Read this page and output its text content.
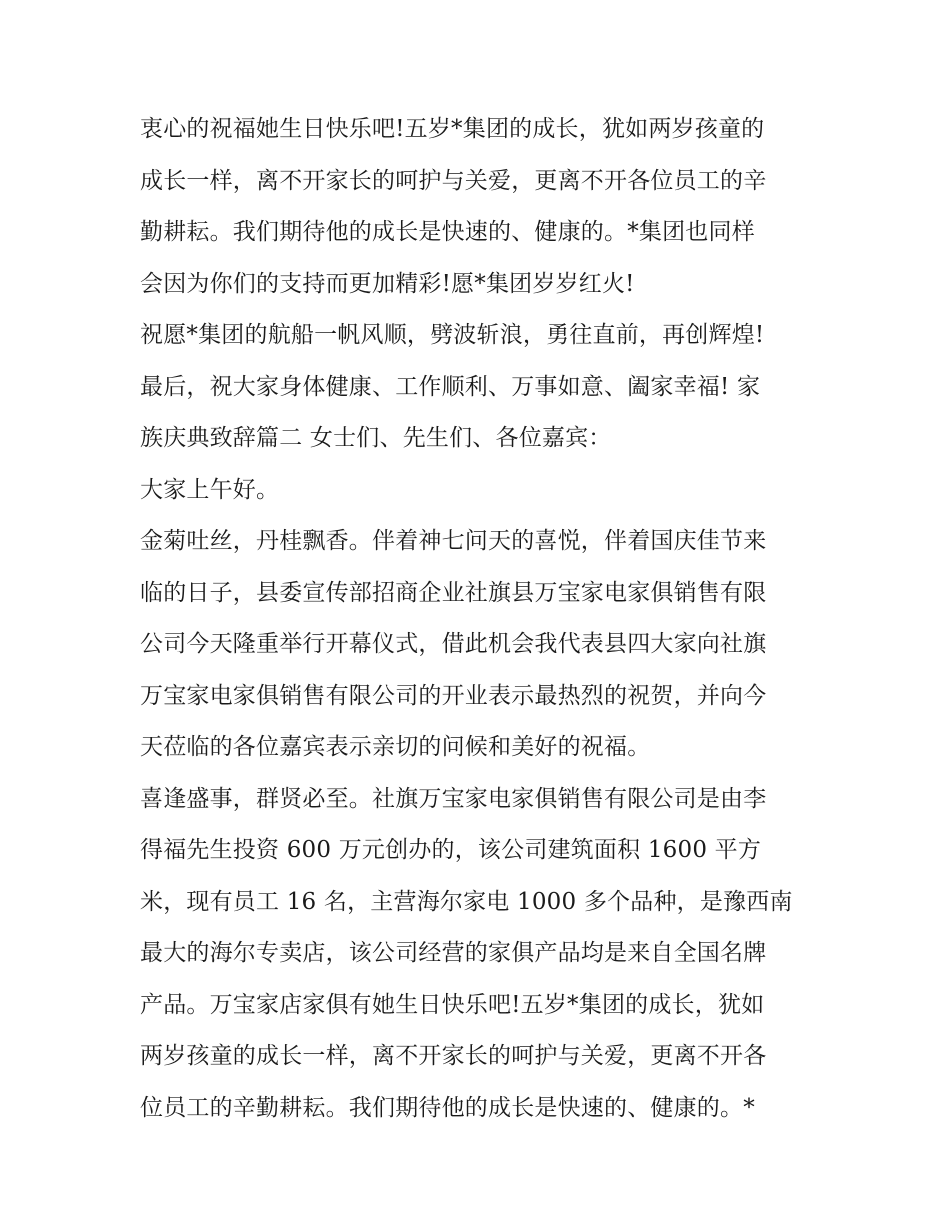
衷心的祝福她生日快乐吧!五岁*集团的成长，犹如两岁孩童的
成长一样，离不开家长的呵护与关爱，更离不开各位员工的辛
勤耕耘。我们期待他的成长是快速的、健康的。*集团也同样
会因为你们的支持而更加精彩!愿*集团岁岁红火!
祝愿*集团的航船一帆风顺，劈波斩浪，勇往直前，再创辉煌!
最后，祝大家身体健康、工作顺利、万事如意、阖家幸福! 家
族庆典致辞篇二 女士们、先生们、各位嘉宾：
大家上午好。
金菊吐丝，丹桂飘香。伴着神七问天的喜悦，伴着国庆佳节来
临的日子，县委宣传部招商企业社旗县万宝家电家俱销售有限
公司今天隆重举行开幕仪式，借此机会我代表县四大家向社旗
万宝家电家俱销售有限公司的开业表示最热烈的祝贺，并向今
天莅临的各位嘉宾表示亲切的问候和美好的祝福。
喜逢盛事，群贤必至。社旗万宝家电家俱销售有限公司是由李
得福先生投资 600 万元创办的，该公司建筑面积 1600 平方
米，现有员工 16 名，主营海尔家电 1000 多个品种，是豫西南
最大的海尔专卖店，该公司经营的家俱产品均是来自全国名牌
产品。万宝家店家俱有她生日快乐吧!五岁*集团的成长，犹如
两岁孩童的成长一样，离不开家长的呵护与关爱，更离不开各
位员工的辛勤耕耘。我们期待他的成长是快速的、健康的。*
